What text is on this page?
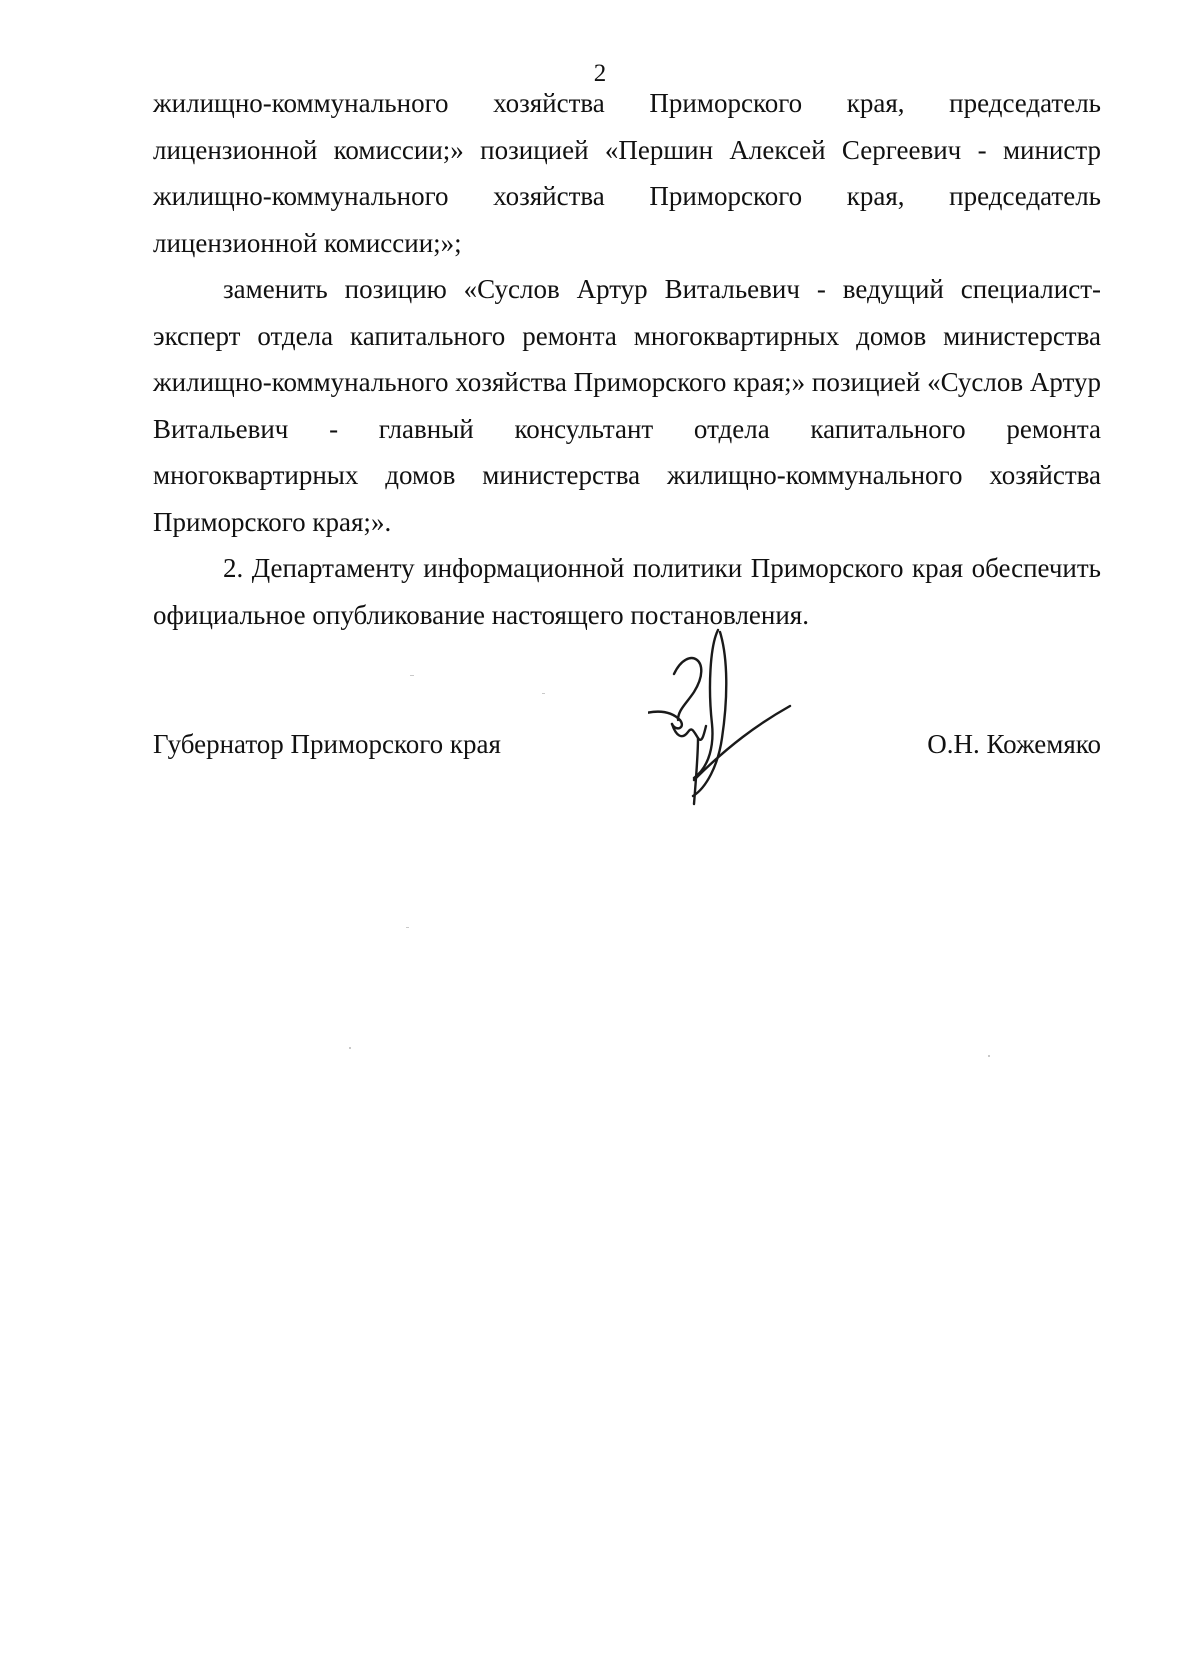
2

жилищно-коммунального хозяйства Приморского края, председатель лицензионной комиссии;» позицией «Першин Алексей Сергеевич - министр жилищно-коммунального хозяйства Приморского края, председатель лицензионной комиссии;»;

заменить позицию «Суслов Артур Витальевич - ведущий специалист-эксперт отдела капитального ремонта многоквартирных домов министерства жилищно-коммунального хозяйства Приморского края;» позицией «Суслов Артур Витальевич - главный консультант отдела капитального ремонта многоквартирных домов министерства жилищно-коммунального хозяйства Приморского края;».

2. Департаменту информационной политики Приморского края обеспечить официальное опубликование настоящего постановления.

Губернатор Приморского края	О.Н. Кожемяко
